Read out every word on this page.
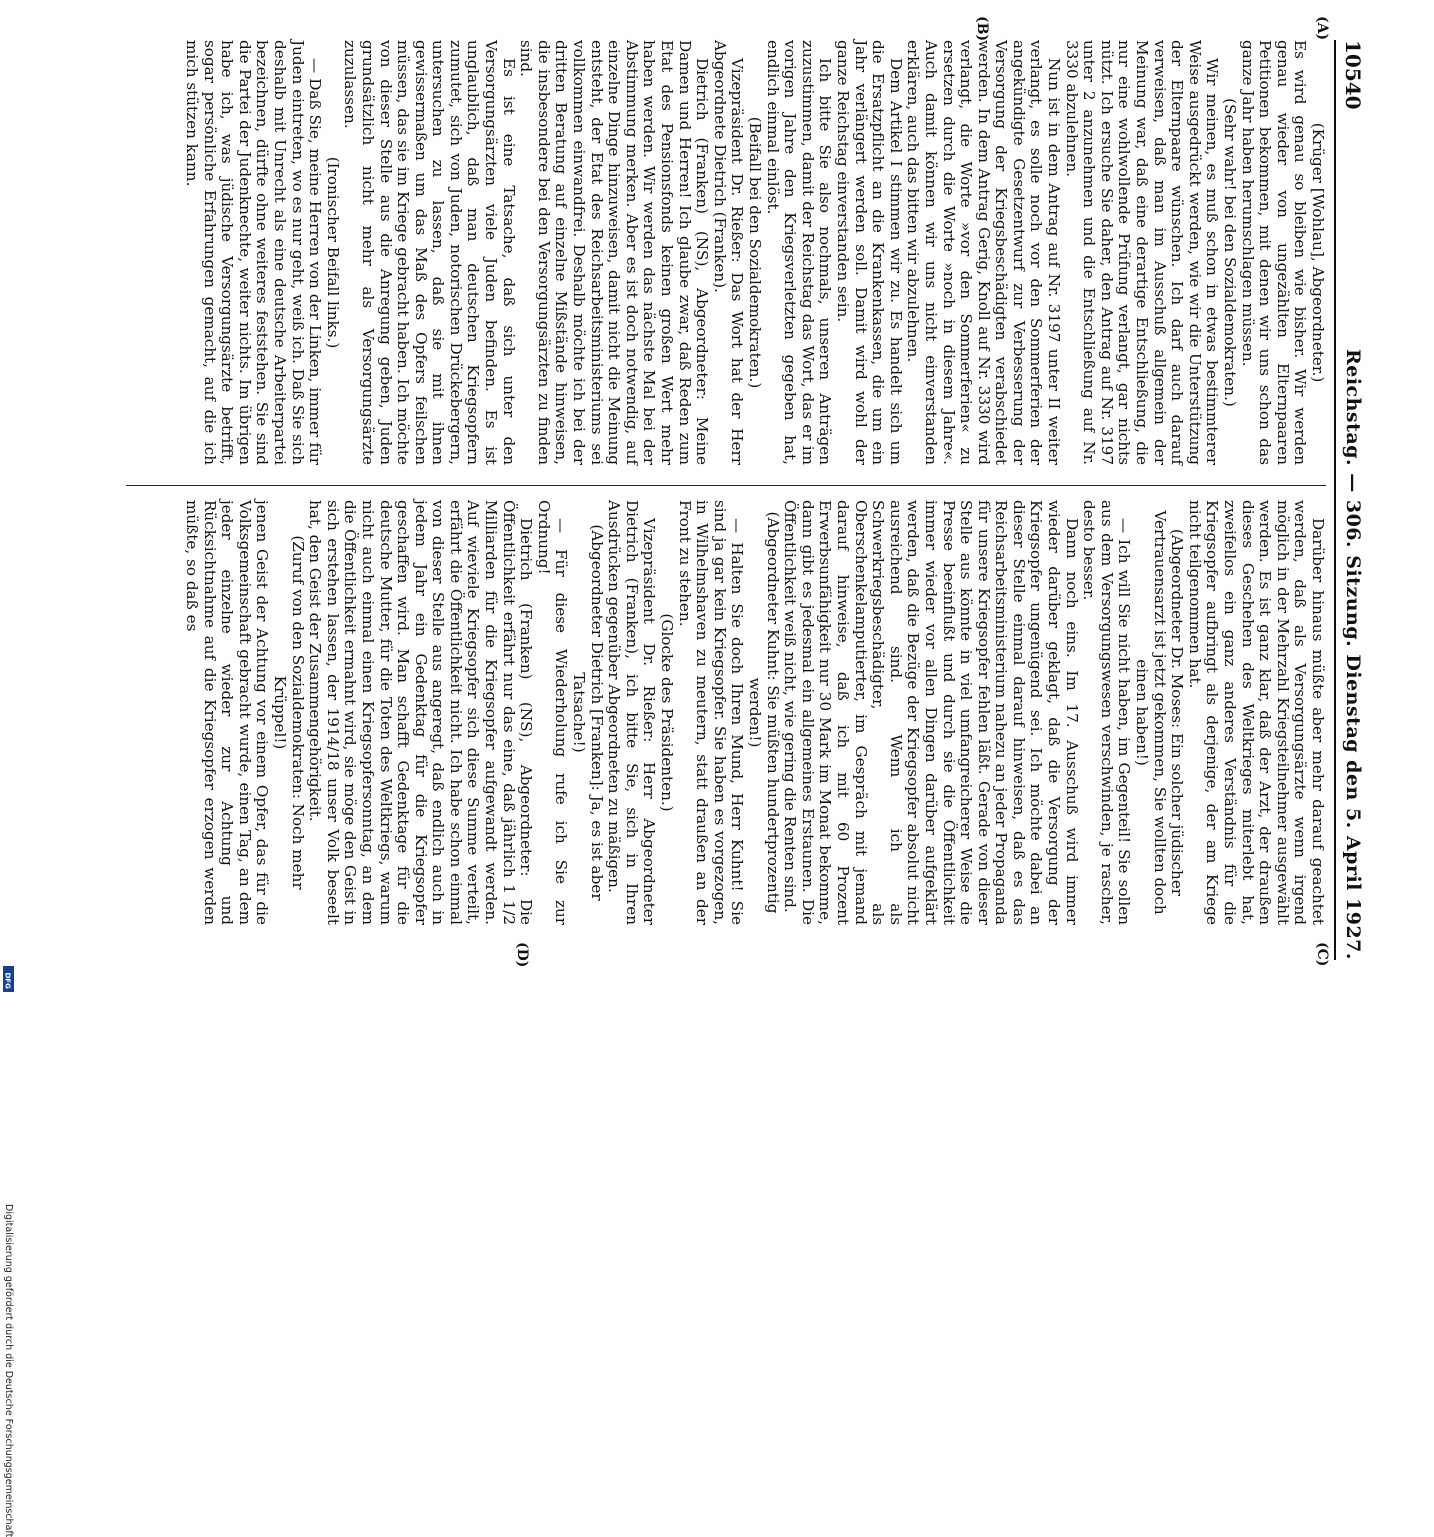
10540
Reichstag. — 306. Sitzung. Dienstag den 5. April 1927.
(A)
(B)
(C)
(D)

(Krüger [Wohlau], Abgeordneter.)

Es wird genau so bleiben wie bisher. Wir werden genau wieder von ungezählten Elternpaaren Petitionen bekommen, mit denen wir uns schon das ganze Jahr haben herumschlagen müssen.

(Sehr wahr! bei den Sozialdemokraten.)

Wir meinen, es muß schon in etwas bestimmterer Weise ausgedrückt werden, wie wir die Unterstützung der Elternpaare wünschen. Ich darf auch darauf verweisen, daß man im Ausschuß allgemein der Meinung war, daß eine derartige Entschließung, die nur eine wohlwollende Prüfung verlangt, gar nichts nützt. Ich ersuche Sie daher, den Antrag auf Nr. 3197 unter 2 anzunehmen und die Entschließung auf Nr. 3330 abzulehnen.

Nun ist in dem Antrag auf Nr. 3197 unter II weiter verlangt, es solle noch vor den Sommerferien der angekündigte Gesetzentwurf zur Verbesserung der Versorgung der Kriegsbeschädigten verabschiedet werden. In dem Antrag Gerig, Knoll auf Nr. 3330 wird verlangt, die Worte »vor den Sommerferien« zu ersetzen durch die Worte »noch in diesem Jahre«. Auch damit können wir uns nicht einverstanden erklären, auch das bitten wir abzulehnen.

Dem Artikel I stimmen wir zu. Es handelt sich um die Ersatzpflicht an die Krankenkassen, die um ein Jahr verlängert werden soll. Damit wird wohl der ganze Reichstag einverstanden sein.

Ich bitte Sie also nochmals, unseren Anträgen zuzustimmen, damit der Reichstag das Wort, das er im vorigen Jahre den Kriegsverletzten gegeben hat, endlich einmal einlöst.

(Beifall bei den Sozialdemokraten.)

Vizepräsident Dr. Rießer: Das Wort hat der Herr Abgeordnete Dietrich (Franken).

Dietrich (Franken) (NS), Abgeordneter: Meine Damen und Herren! Ich glaube zwar, daß Reden zum Etat des Pensionsfonds keinen großen Wert mehr haben werden. Wir werden das nächste Mal bei der Abstimmung merken. Aber es ist doch notwendig, auf einzelne Dinge hinzuweisen, damit nicht die Meinung entsteht, der Etat des Reichsarbeitsministeriums sei vollkommen einwandfrei. Deshalb möchte ich bei der dritten Beratung auf einzelne Mißstände hinweisen, die insbesondere bei den Versorgungsärzten zu finden sind.

Es ist eine Tatsache, daß sich unter den Versorgungsärzten viele Juden befinden. Es ist unglaublich, daß man deutschen Kriegsopfern zumutet, sich von Juden, notorischen Drückebergern, untersuchen zu lassen, daß sie mit ihnen gewissermaßen um das Maß des Opfers feilschen müssen, das sie im Kriege gebracht haben. Ich möchte von dieser Stelle aus die Anregung geben, Juden grundsätzlich nicht mehr als Versorgungsärzte zuzulassen.

(Ironischer Beifall links.)

— Daß Sie, meine Herren von der Linken, immer für Juden eintreten, wo es nur geht, weiß ich. Daß Sie sich deshalb mit Unrecht als eine deutsche Arbeiterpartei bezeichnen, dürfte ohne weiteres feststehen. Sie sind die Partei der Judenknechte, weiter nichts. Im übrigen habe ich, was jüdische Versorgungsärzte betrifft, sogar persönliche Erfahrungen gemacht, auf die ich mich stützen kann.

Darüber hinaus müßte aber mehr darauf geachtet werden, daß als Versorgungsärzte wenn irgend möglich in der Mehrzahl Kriegsteilnehmer ausgewählt werden. Es ist ganz klar, daß der Arzt, der draußen dieses Geschehen des Weltkrieges miterlebt hat, zweifellos ein ganz anderes Verständnis für die Kriegsopfer aufbringt als derjenige, der am Kriege nicht teilgenommen hat.

(Abgeordneter Dr. Moses: Ein solcher jüdischer Vertrauensarzt ist jetzt gekommen, Sie wollten doch einen haben!)

— Ich will Sie nicht haben, im Gegenteil! Sie sollen aus dem Versorgungswesen verschwinden, je rascher, desto besser.

Dann noch eins. Im 17. Ausschuß wird immer wieder darüber geklagt, daß die Versorgung der Kriegsopfer ungenügend sei. Ich möchte dabei an dieser Stelle einmal darauf hinweisen, daß es das Reichsarbeitsministerium nahezu an jeder Propaganda für unsere Kriegsopfer fehlen läßt. Gerade von dieser Stelle aus könnte in viel umfangreicherer Weise die Presse beeinflußt und durch sie die Öffentlichkeit immer wieder vor allen Dingen darüber aufgeklärt werden, daß die Bezüge der Kriegsopfer absolut nicht ausreichend sind. Wenn ich als Schwerkriegsbeschädigter, als Oberschenkelamputierter, im Gespräch mit jemand darauf hinweise, daß ich mit 60 Prozent Erwerbsunfähigkeit nur 30 Mark im Monat bekomme, dann gibt es jedesmal ein allgemeines Erstaunen. Die Öffentlichkeit weiß nicht, wie gering die Renten sind.

(Abgeordneter Kuhnt: Sie müßten hundertprozentig werden!)

— Halten Sie doch Ihren Mund, Herr Kuhnt! Sie sind ja gar kein Kriegsopfer. Sie haben es vorgezogen, in Wilhelmshaven zu meutern, statt draußen an der Front zu stehen.

(Glocke des Präsidenten.)

Vizepräsident Dr. Rießer: Herr Abgeordneter Dietrich (Franken), ich bitte Sie, sich in Ihren Ausdrücken gegenüber Abgeordneten zu mäßigen.

(Abgeordneter Dietrich [Franken]: Ja, es ist aber Tatsache!)

— Für diese Wiederholung rufe ich Sie zur Ordnung!

Dietrich (Franken) (NS), Abgeordneter: Die Öffentlichkeit erfährt nur das eine, daß jährlich 1 1/2 Milliarden für die Kriegsopfer aufgewandt werden. Auf wieviele Kriegsopfer sich diese Summe verteilt, erfährt die Öffentlichkeit nicht. Ich habe schon einmal von dieser Stelle aus angeregt, daß endlich auch in jedem Jahr ein Gedenktag für die Kriegsopfer geschaffen wird. Man schafft Gedenktage für die deutsche Mutter, für die Toten des Weltkriegs, warum nicht auch einmal einen Kriegsopfersonntag, an dem die Öffentlichkeit ermahnt wird, sie möge den Geist in sich erstehen lassen, der 1914/18 unser Volk beseelt hat, den Geist der Zusammengehörigkeit.

(Zuruf von den Sozialdemokraten: Noch mehr Krüppel!)

jenen Geist der Achtung vor einem Opfer, das für die Volksgemeinschaft gebracht wurde, einen Tag, an dem jeder einzelne wieder zur Achtung und Rücksichtnahme auf die Kriegsopfer erzogen werden müßte, so daß es

Digitalisierung gefördert durch die Deutsche Forschungsgemeinschaft
DFG
